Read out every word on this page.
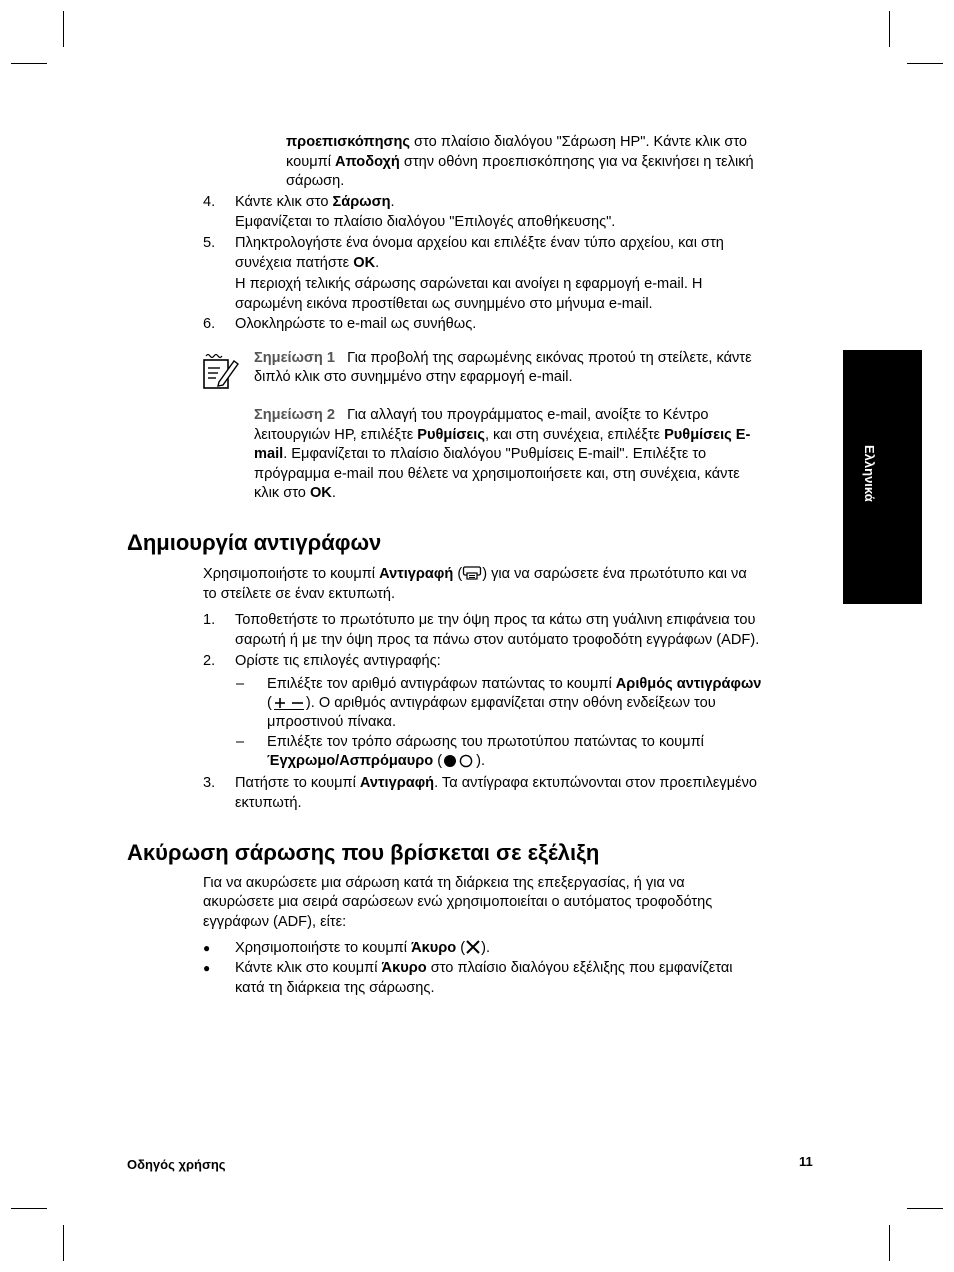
Ελληνικά
προεπισκόπησης στο πλαίσιο διαλόγου "Σάρωση HP". Κάντε κλικ στο
κουμπί Αποδοχή στην οθόνη προεπισκόπησης για να ξεκινήσει η τελική
σάρωση.
4. Κάντε κλικ στο Σάρωση.
Εμφανίζεται το πλαίσιο διαλόγου "Επιλογές αποθήκευσης".
5. Πληκτρολογήστε ένα όνομα αρχείου και επιλέξτε έναν τύπο αρχείου, και στη
συνέχεια πατήστε OK.
Η περιοχή τελικής σάρωσης σαρώνεται και ανοίγει η εφαρμογή e-mail. Η
σαρωμένη εικόνα προστίθεται ως συνημμένο στο μήνυμα e-mail.
6. Ολοκληρώστε το e-mail ως συνήθως.
Σημείωση 1 Για προβολή της σαρωμένης εικόνας προτού τη στείλετε, κάντε
διπλό κλικ στο συνημμένο στην εφαρμογή e-mail.
Σημείωση 2 Για αλλαγή του προγράμματος e-mail, ανοίξτε το Κέντρο
λειτουργιών HP, επιλέξτε Ρυθμίσεις, και στη συνέχεια, επιλέξτε Ρυθμίσεις E-
mail. Εμφανίζεται το πλαίσιο διαλόγου "Ρυθμίσεις E-mail". Επιλέξτε το
πρόγραμμα e-mail που θέλετε να χρησιμοποιήσετε και, στη συνέχεια, κάντε
κλικ στο OK.
Δημιουργία αντιγράφων
Χρησιμοποιήστε το κουμπί Αντιγραφή ( ) για να σαρώσετε ένα πρωτότυπο και να
το στείλετε σε έναν εκτυπωτή.
1. Τοποθετήστε το πρωτότυπο με την όψη προς τα κάτω στη γυάλινη επιφάνεια του
σαρωτή ή με την όψη προς τα πάνω στον αυτόματο τροφοδότη εγγράφων (ADF).
2. Ορίστε τις επιλογές αντιγραφής:
– Επιλέξτε τον αριθμό αντιγράφων πατώντας το κουμπί Αριθμός αντιγράφων
( ). Ο αριθμός αντιγράφων εμφανίζεται στην οθόνη ενδείξεων του
μπροστινού πίνακα.
– Επιλέξτε τον τρόπο σάρωσης του πρωτοτύπου πατώντας το κουμπί
Έγχρωμο/Ασπρόμαυρο ( ).
3. Πατήστε το κουμπί Αντιγραφή. Τα αντίγραφα εκτυπώνονται στον προεπιλεγμένο
εκτυπωτή.
Ακύρωση σάρωσης που βρίσκεται σε εξέλιξη
Για να ακυρώσετε μια σάρωση κατά τη διάρκεια της επεξεργασίας, ή για να
ακυρώσετε μια σειρά σαρώσεων ενώ χρησιμοποιείται ο αυτόματος τροφοδότης
εγγράφων (ADF), είτε:
● Χρησιμοποιήστε το κουμπί Άκυρο ( ).
● Κάντε κλικ στο κουμπί Άκυρο στο πλαίσιο διαλόγου εξέλιξης που εμφανίζεται
κατά τη διάρκεια της σάρωσης.
Οδηγός χρήσης	11
